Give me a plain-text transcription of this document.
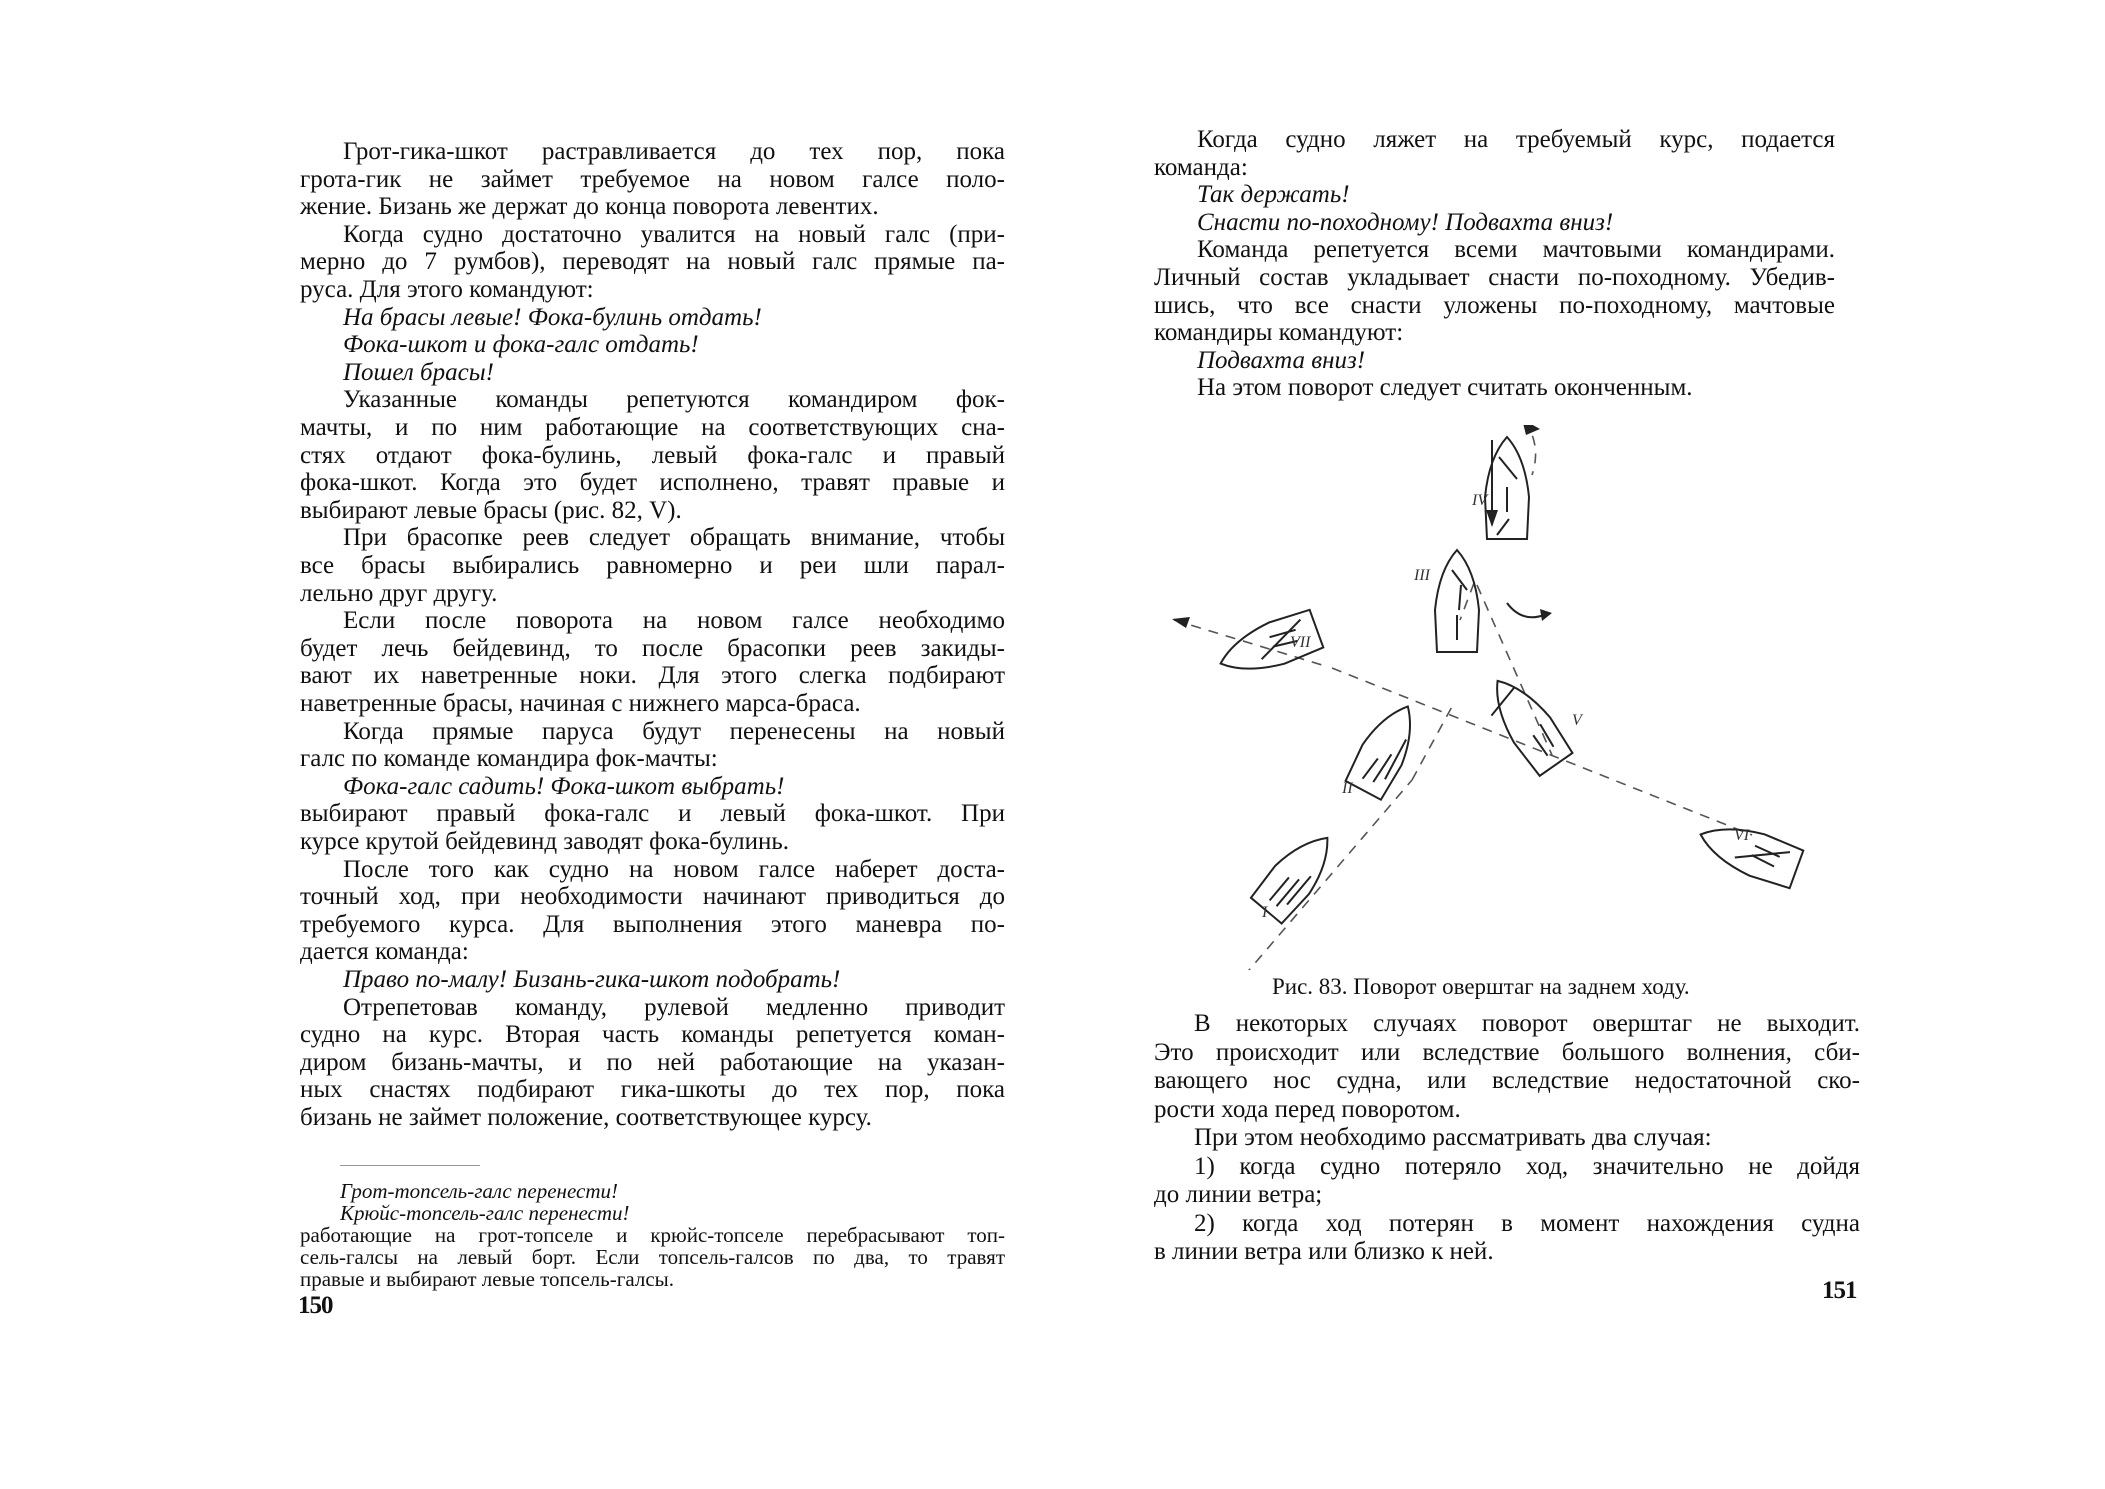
Грот-гика-шкот растравливается до тех пор, пока
грота-гик не займет требуемое на новом галсе поло-
жение. Бизань же держат до конца поворота левентих.
Когда судно достаточно увалится на новый галс (при-
мерно до 7 румбов), переводят на новый галс прямые па-
руса. Для этого командуют:
На брасы левые! Фока-булинь отдать!
Фока-шкот и фока-галс отдать!
Пошел брасы!
Указанные команды репетуются командиром фок-
мачты, и по ним работающие на соответствующих сна-
стях отдают фока-булинь, левый фока-галс и правый
фока-шкот. Когда это будет исполнено, травят правые и
выбирают левые брасы (рис. 82, V).
При брасопке реев следует обращать внимание, чтобы
все брасы выбирались равномерно и реи шли парал-
лельно друг другу.
Если после поворота на новом галсе необходимо
будет лечь бейдевинд, то после брасопки реев закиды-
вают их наветренные ноки. Для этого слегка подбирают
наветренные брасы, начиная с нижнего марса-браса.
Когда прямые паруса будут перенесены на новый
галс по команде командира фок-мачты:
Фока-галс садить! Фока-шкот выбрать!
выбирают правый фока-галс и левый фока-шкот. При
курсе крутой бейдевинд заводят фока-булинь.
После того как судно на новом галсе наберет доста-
точный ход, при необходимости начинают приводиться до
требуемого курса. Для выполнения этого маневра по-
дается команда:
Право по-малу! Бизань-гика-шкот подобрать!
Отрепетовав команду, рулевой медленно приводит
судно на курс. Вторая часть команды репетуется коман-
диром бизань-мачты, и по ней работающие на указан-
ных снастях подбирают гика-шкоты до тех пор, пока
бизань не займет положение, соответствующее курсу.
Грот-топсель-галс перенести!
Крюйс-топсель-галс перенести!
работающие на грот-топселе и крюйс-топселе перебрасывают топ-
сель-галсы на левый борт. Если топсель-галсов по два, то травят
правые и выбирают левые топсель-галсы.
150
Когда судно ляжет на требуемый курс, подается
команда:
Так держать!
Снасти по-походному! Подвахта вниз!
Команда репетуется всеми мачтовыми командирами.
Личный состав укладывает снасти по-походному. Убедив-
шись, что все снасти уложены по-походному, мачтовые
командиры командуют:
Подвахта вниз!
На этом поворот следует считать оконченным.
I
II
III
IV
V
VI
VII
Рис. 83. Поворот оверштаг на заднем ходу.
В некоторых случаях поворот оверштаг не выходит.
Это происходит или вследствие большого волнения, сби-
вающего нос судна, или вследствие недостаточной ско-
рости хода перед поворотом.
При этом необходимо рассматривать два случая:
1) когда судно потеряло ход, значительно не дойдя
до линии ветра;
2) когда ход потерян в момент нахождения судна
в линии ветра или близко к ней.
151
